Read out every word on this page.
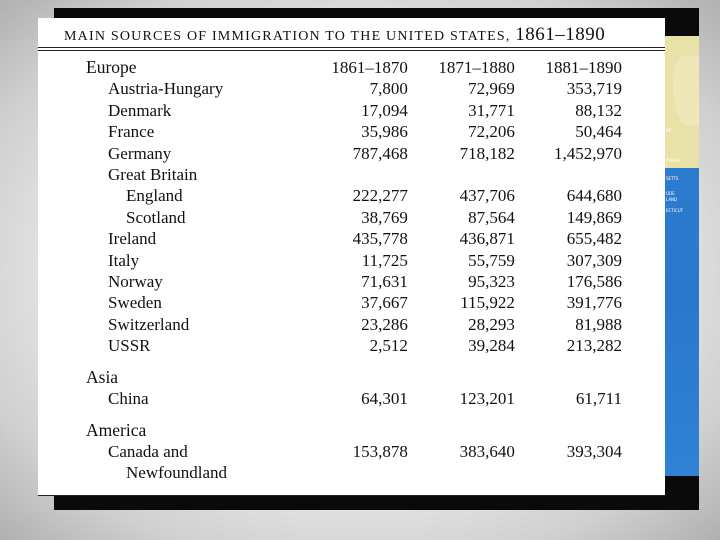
NE
PSHIRE
SETTS
ODE
LAND
ECTICUT
MAIN SOURCES OF IMMIGRATION TO THE UNITED STATES, 1861–1890
Europe	1861–1870	1871–1880	1881–1890
Austria-Hungary	7,800	72,969	353,719
Denmark	17,094	31,771	88,132
France	35,986	72,206	50,464
Germany	787,468	718,182	1,452,970
Great Britain			
England	222,277	437,706	644,680
Scotland	38,769	87,564	149,869
Ireland	435,778	436,871	655,482
Italy	11,725	55,759	307,309
Norway	71,631	95,323	176,586
Sweden	37,667	115,922	391,776
Switzerland	23,286	28,293	81,988
USSR	2,512	39,284	213,282

Asia			
China	64,301	123,201	61,711

America			
Canada and	153,878	383,640	393,304
Newfoundland			
